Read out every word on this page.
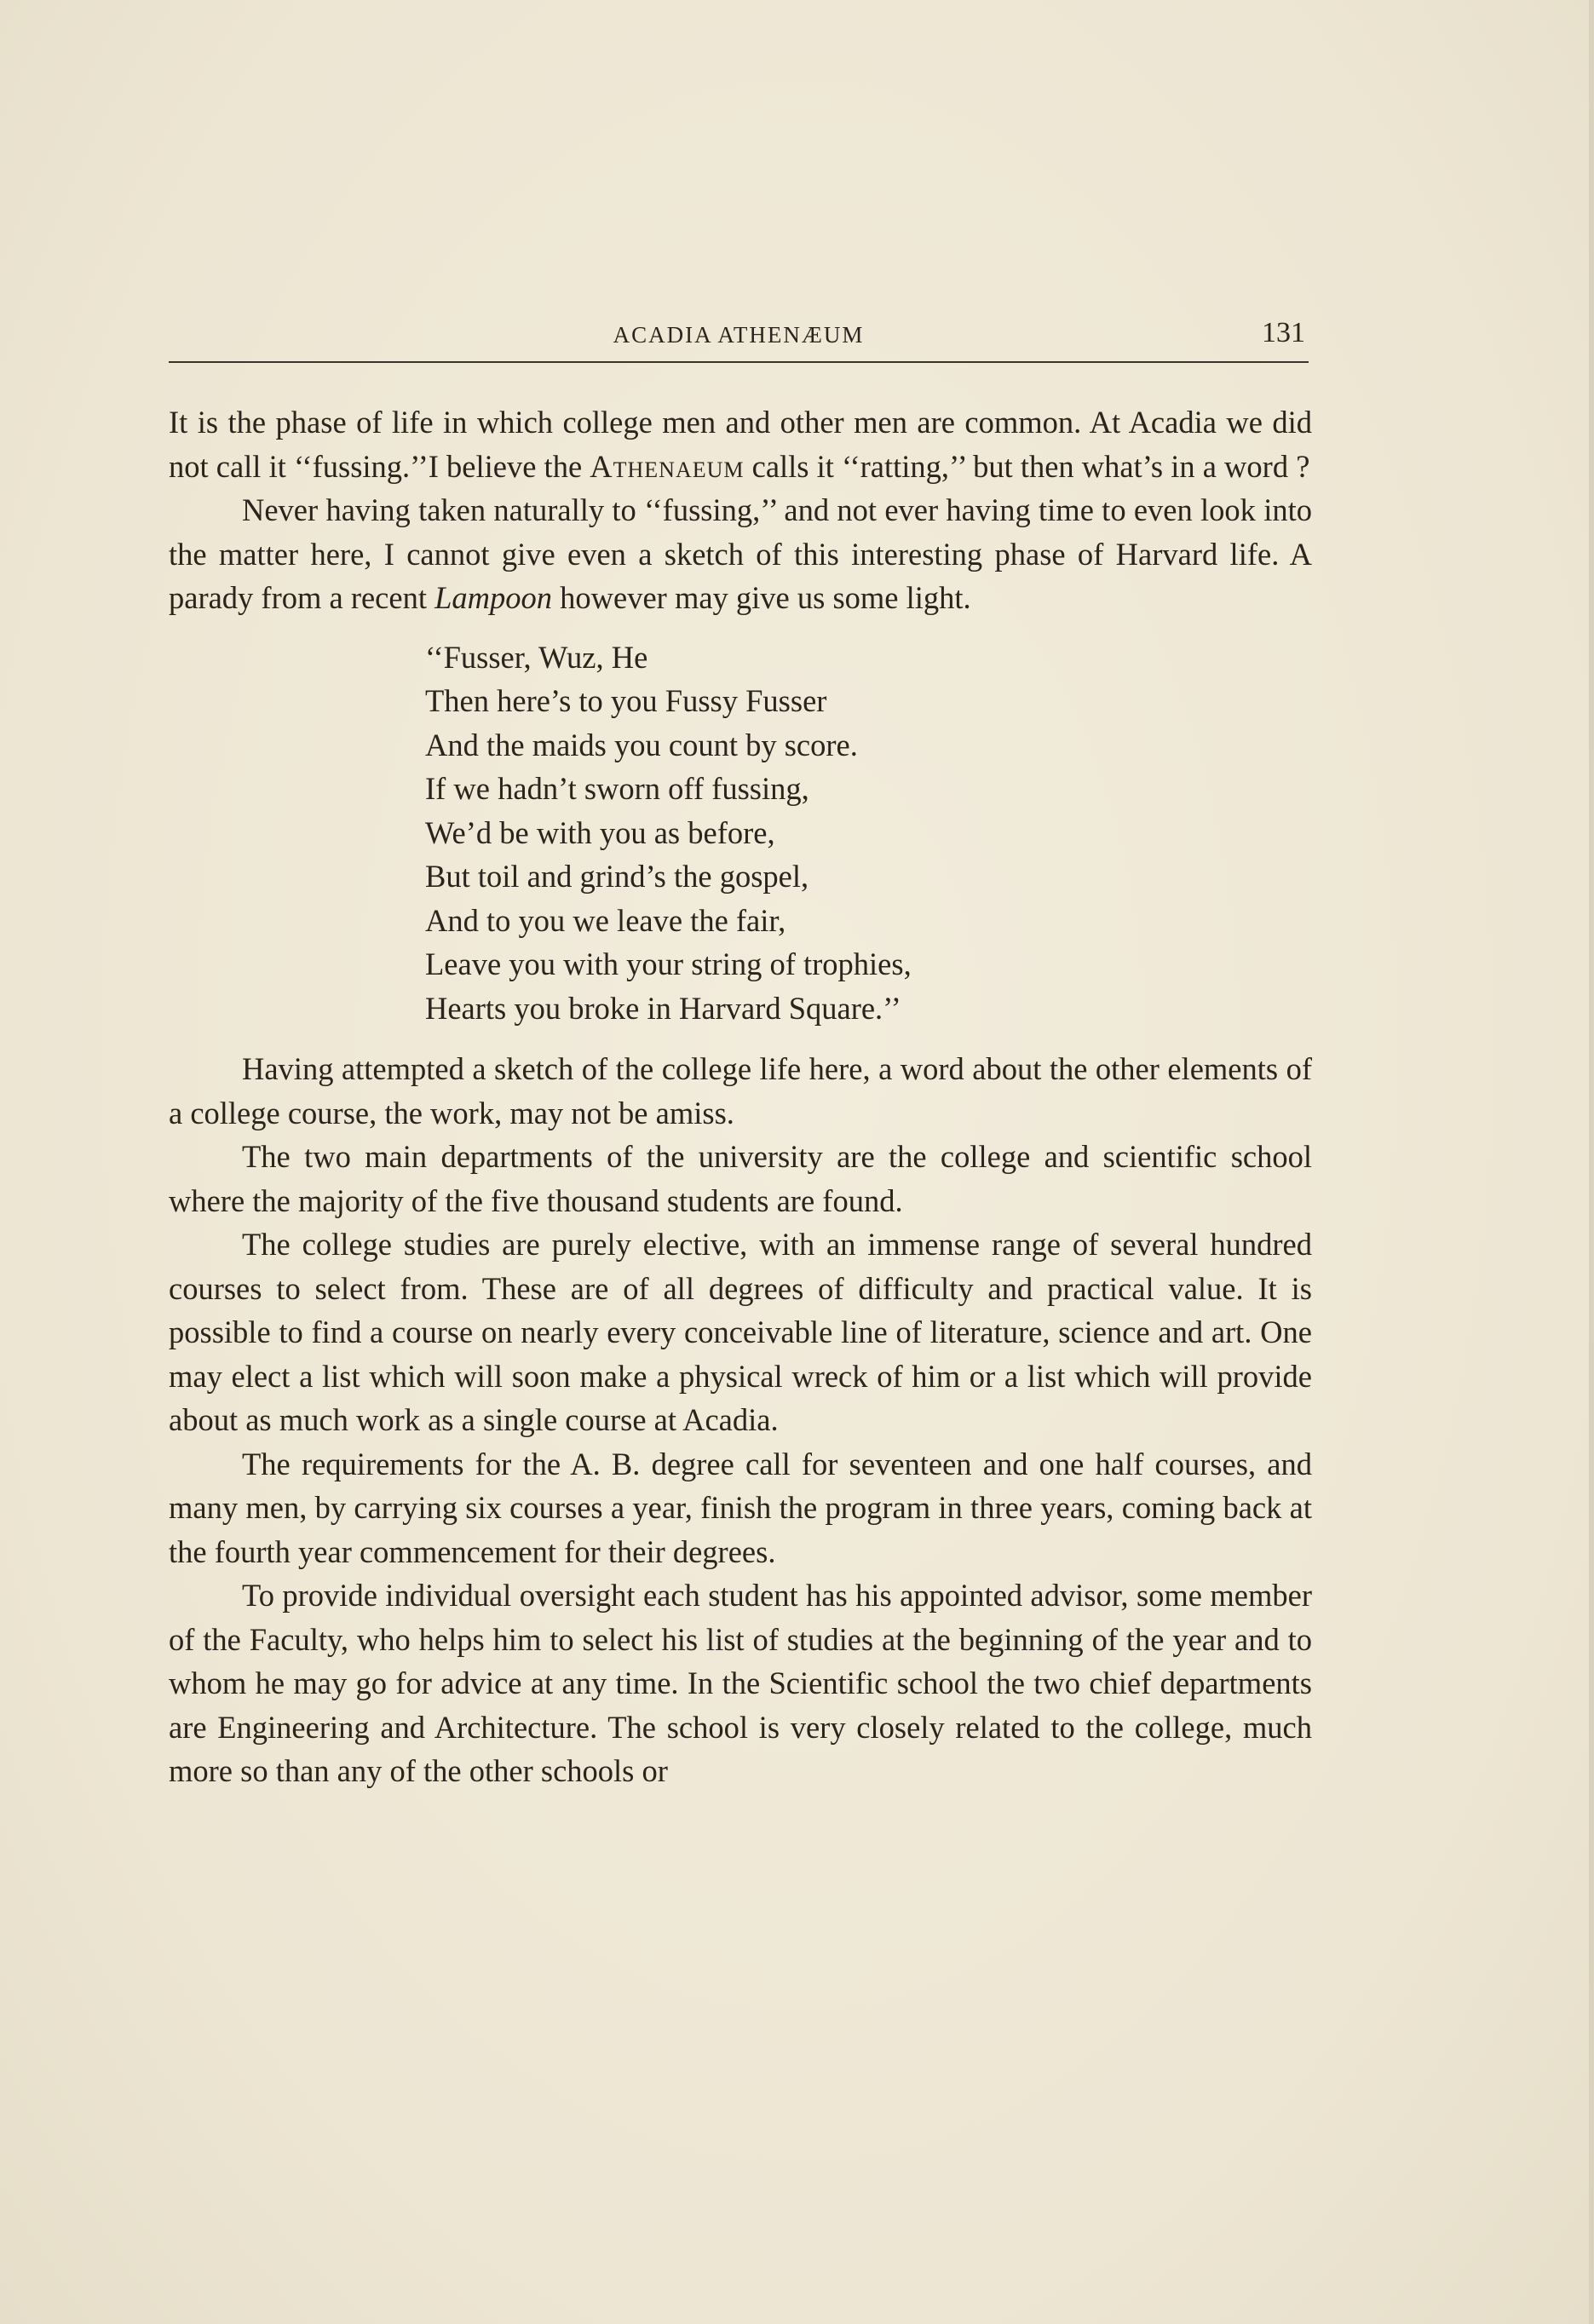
ACADIA ATHENÆUM	131

It is the phase of life in which college men and other men are common. At Acadia we did not call it ‘‘fussing.’’I believe the Athenaeum calls it ‘‘ratting,’’ but then what’s in a word ?

Never having taken naturally to ‘‘fussing,’’ and not ever having time to even look into the matter here, I cannot give even a sketch of this interesting phase of Harvard life. A parady from a recent Lampoon however may give us some light.

‘‘Fusser, Wuz, He
Then here’s to you Fussy Fusser
And the maids you count by score.
If we hadn’t sworn off fussing,
We’d be with you as before,
But toil and grind’s the gospel,
And to you we leave the fair,
Leave you with your string of trophies,
Hearts you broke in Harvard Square.’’

Having attempted a sketch of the college life here, a word about the other elements of a college course, the work, may not be amiss.

The two main departments of the university are the college and scientific school where the majority of the five thousand students are found.

The college studies are purely elective, with an immense range of several hundred courses to select from. These are of all degrees of difficulty and practical value. It is possible to find a course on nearly every conceivable line of literature, science and art. One may elect a list which will soon make a physical wreck of him or a list which will provide about as much work as a single course at Acadia.

The requirements for the A. B. degree call for seventeen and one half courses, and many men, by carrying six courses a year, finish the program in three years, coming back at the fourth year commencement for their degrees.

To provide individual oversight each student has his appointed advisor, some member of the Faculty, who helps him to select his list of studies at the beginning of the year and to whom he may go for advice at any time. In the Scientific school the two chief departments are Engineering and Architecture. The school is very closely related to the college, much more so than any of the other schools or
